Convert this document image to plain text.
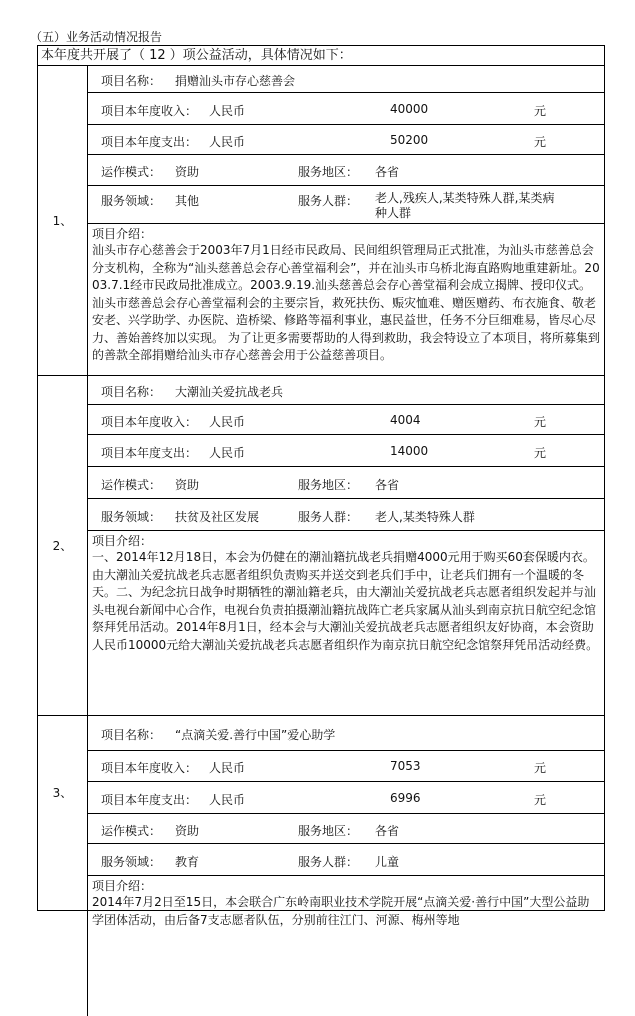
（五）业务活动情况报告
本年度共开展了（ 12 ）项公益活动，具体情况如下：
1、
项目名称： 捐赠汕头市存心慈善会
项目本年度收入： 人民币	40000	元
项目本年度支出： 人民币	50200	元
运作模式： 资助	服务地区： 各省
服务领域： 其他	服务人群： 老人,残疾人,某类特殊人群,某类病种人群
项目介绍：
汕头市存心慈善会于2003年7月1日经市民政局、民间组织管理局正式批准，为汕头市慈善总会分支机构，全称为“汕头慈善总会存心善堂福利会”，并在汕头市乌桥北海直路购地重建新址。2003.7.1经市民政局批准成立。2003.9.19.汕头慈善总会存心善堂福利会成立揭牌、授印仪式。 汕头市慈善总会存心善堂福利会的主要宗旨，救死扶伤、赈灾恤难、赠医赠药、布衣施食、敬老安老、兴学助学、办医院、造桥梁、修路等福利事业，惠民益世，任务不分巨细难易，皆尽心尽力、善始善终加以实现。 为了让更多需要帮助的人得到救助，我会特设立了本项目，将所募集到的善款全部捐赠给汕头市存心慈善会用于公益慈善项目。
2、
项目名称： 大潮汕关爱抗战老兵
项目本年度收入： 人民币	4004	元
项目本年度支出： 人民币	14000	元
运作模式： 资助	服务地区： 各省
服务领域： 扶贫及社区发展	服务人群： 老人,某类特殊人群
项目介绍：
一、2014年12月18日，本会为仍健在的潮汕籍抗战老兵捐赠4000元用于购买60套保暖内衣。由大潮汕关爱抗战老兵志愿者组织负责购买并送交到老兵们手中，让老兵们拥有一个温暖的冬天。二、为纪念抗日战争时期牺牲的潮汕籍老兵，由大潮汕关爱抗战老兵志愿者组织发起并与汕头电视台新闻中心合作，电视台负责拍摄潮汕籍抗战阵亡老兵家属从汕头到南京抗日航空纪念馆祭拜凭吊活动。2014年8月1日，经本会与大潮汕关爱抗战老兵志愿者组织友好协商，本会资助人民币10000元给大潮汕关爱抗战老兵志愿者组织作为南京抗日航空纪念馆祭拜凭吊活动经费。
3、
项目名称： “点滴关爱.善行中国”爱心助学
项目本年度收入： 人民币	7053	元
项目本年度支出： 人民币	6996	元
运作模式： 资助	服务地区： 各省
服务领域： 教育	服务人群： 儿童
项目介绍：
2014年7月2日至15日，本会联合广东岭南职业技术学院开展“点滴关爱·善行中国”大型公益助学团体活动，由后备7支志愿者队伍，分别前往江门、河源、梅州等地
